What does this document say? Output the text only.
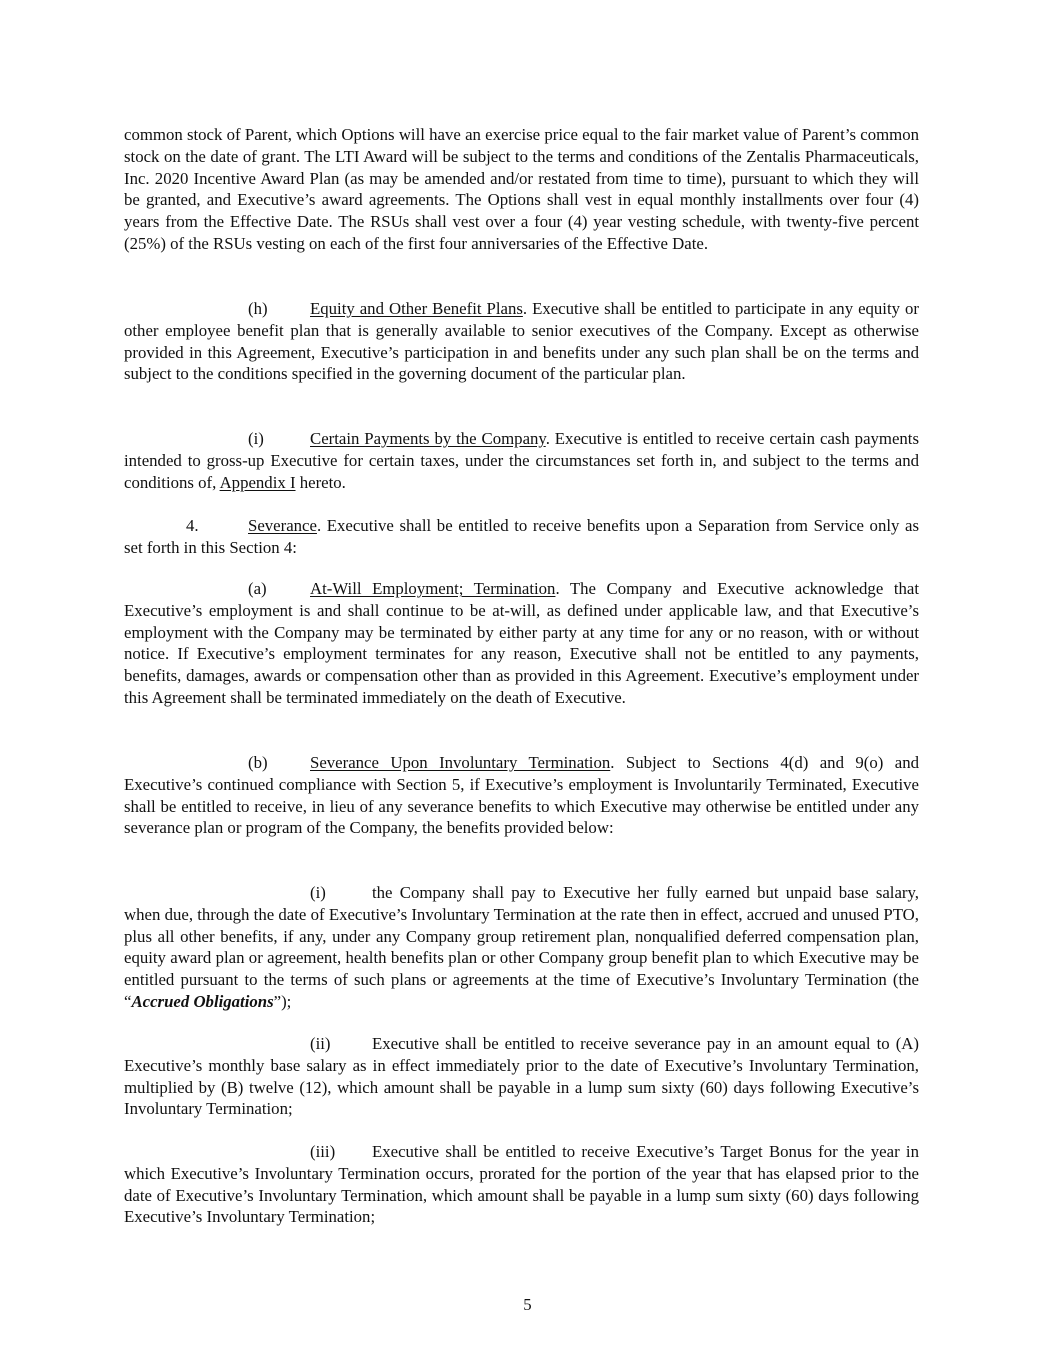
common stock of Parent, which Options will have an exercise price equal to the fair market value of Parent’s common stock on the date of grant. The LTI Award will be subject to the terms and conditions of the Zentalis Pharmaceuticals, Inc. 2020 Incentive Award Plan (as may be amended and/or restated from time to time), pursuant to which they will be granted, and Executive’s award agreements. The Options shall vest in equal monthly installments over four (4) years from the Effective Date. The RSUs shall vest over a four (4) year vesting schedule, with twenty-five percent (25%) of the RSUs vesting on each of the first four anniversaries of the Effective Date.

(h)	Equity and Other Benefit Plans. Executive shall be entitled to participate in any equity or other employee benefit plan that is generally available to senior executives of the Company. Except as otherwise provided in this Agreement, Executive’s participation in and benefits under any such plan shall be on the terms and subject to the conditions specified in the governing document of the particular plan.

(i)	Certain Payments by the Company. Executive is entitled to receive certain cash payments intended to gross-up Executive for certain taxes, under the circumstances set forth in, and subject to the terms and conditions of, Appendix I hereto.

4.	Severance. Executive shall be entitled to receive benefits upon a Separation from Service only as set forth in this Section 4:

(a)	At-Will Employment; Termination. The Company and Executive acknowledge that Executive’s employment is and shall continue to be at-will, as defined under applicable law, and that Executive’s employment with the Company may be terminated by either party at any time for any or no reason, with or without notice. If Executive’s employment terminates for any reason, Executive shall not be entitled to any payments, benefits, damages, awards or compensation other than as provided in this Agreement. Executive’s employment under this Agreement shall be terminated immediately on the death of Executive.

(b)	Severance Upon Involuntary Termination. Subject to Sections 4(d) and 9(o) and Executive’s continued compliance with Section 5, if Executive’s employment is Involuntarily Terminated, Executive shall be entitled to receive, in lieu of any severance benefits to which Executive may otherwise be entitled under any severance plan or program of the Company, the benefits provided below:

(i)	the Company shall pay to Executive her fully earned but unpaid base salary, when due, through the date of Executive’s Involuntary Termination at the rate then in effect, accrued and unused PTO, plus all other benefits, if any, under any Company group retirement plan, nonqualified deferred compensation plan, equity award plan or agreement, health benefits plan or other Company group benefit plan to which Executive may be entitled pursuant to the terms of such plans or agreements at the time of Executive’s Involuntary Termination (the “Accrued Obligations”);

(ii) Executive shall be entitled to receive severance pay in an amount equal to (A) Executive’s monthly base salary as in effect immediately prior to the date of Executive’s Involuntary Termination, multiplied by (B) twelve (12), which amount shall be payable in a lump sum sixty (60) days following Executive’s Involuntary Termination;

(iii) Executive shall be entitled to receive Executive’s Target Bonus for the year in which Executive’s Involuntary Termination occurs, prorated for the portion of the year that has elapsed prior to the date of Executive’s Involuntary Termination, which amount shall be payable in a lump sum sixty (60) days following Executive’s Involuntary Termination;

5
